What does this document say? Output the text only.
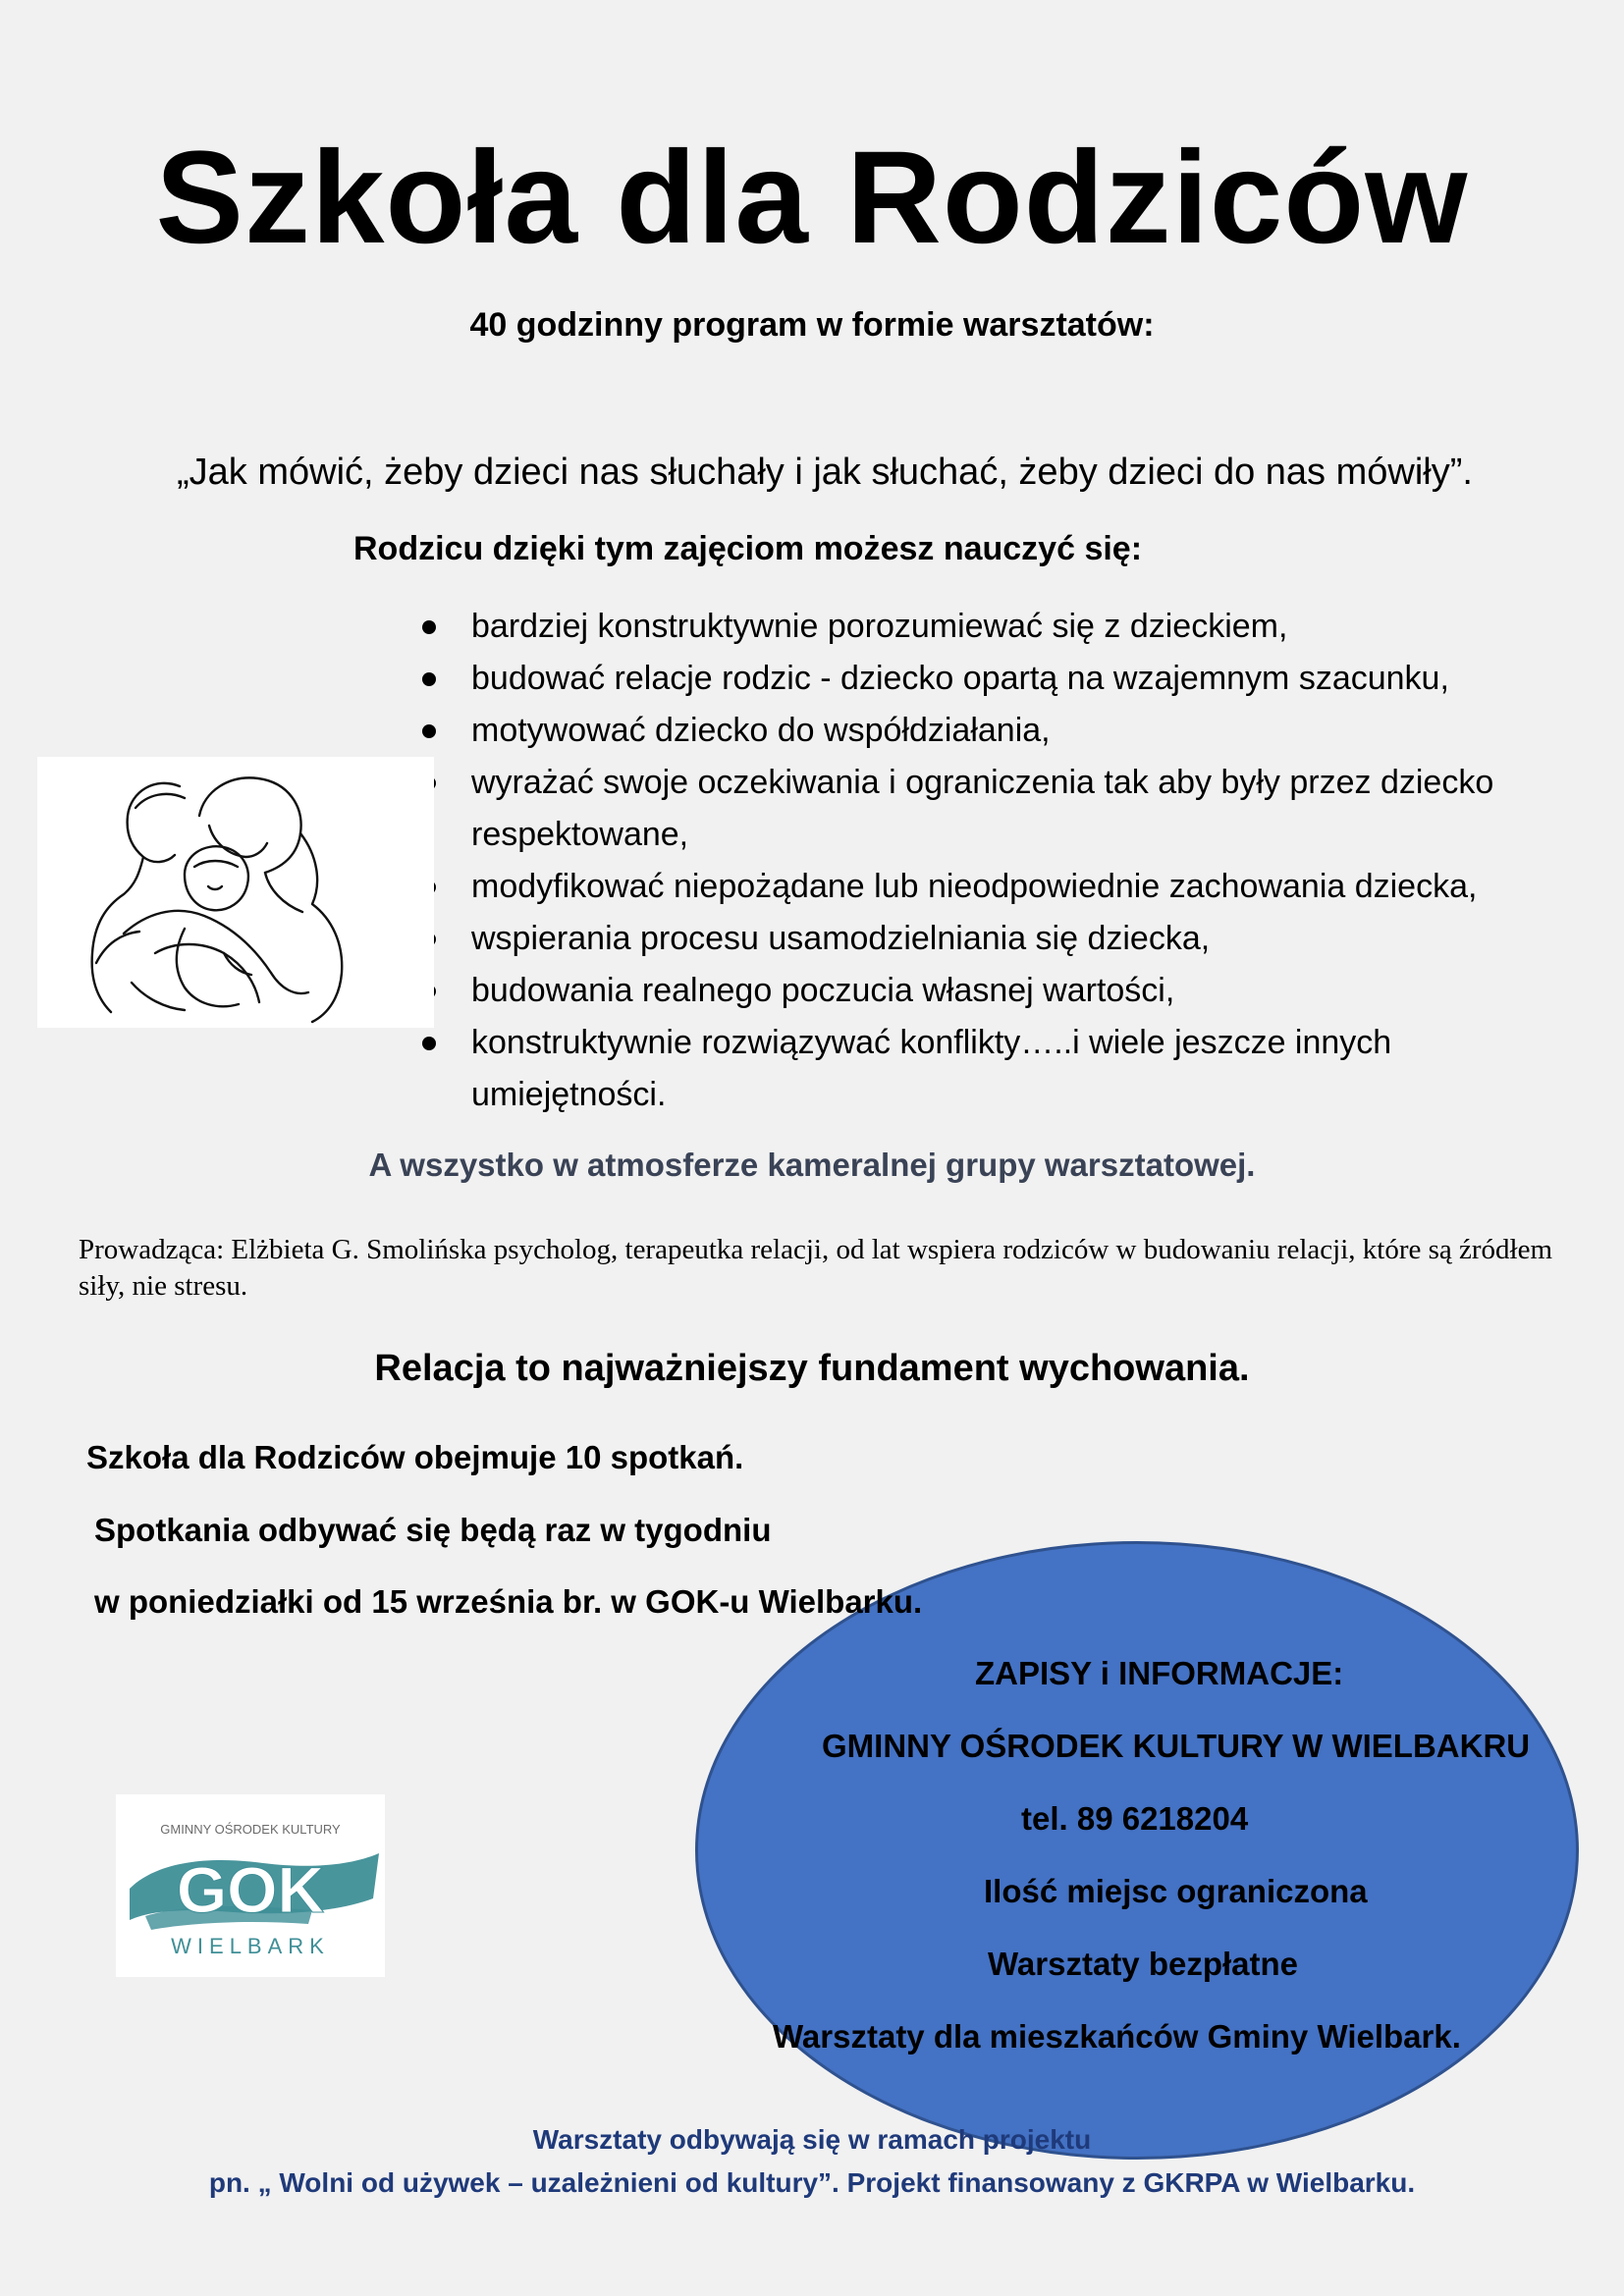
Szkoła dla Rodziców
40 godzinny program w formie warsztatów:
„Jak mówić, żeby dzieci nas słuchały i jak słuchać, żeby dzieci do nas mówiły”.
Rodzicu dzięki tym zajęciom możesz nauczyć się:
bardziej konstruktywnie porozumiewać się z dzieckiem,
budować relacje rodzic - dziecko opartą na wzajemnym szacunku,
motywować dziecko do współdziałania,
wyrażać swoje oczekiwania i ograniczenia tak aby były przez dziecko respektowane,
modyfikować niepożądane lub nieodpowiednie zachowania dziecka,
wspierania procesu usamodzielniania się dziecka,
budowania realnego poczucia własnej wartości,
konstruktywnie rozwiązywać konflikty…..i wiele jeszcze innych umiejętności.
A wszystko w atmosferze kameralnej grupy warsztatowej.
Prowadząca: Elżbieta G. Smolińska psycholog, terapeutka relacji, od lat wspiera rodziców w budowaniu relacji, które są źródłem siły, nie stresu.
Relacja to najważniejszy fundament wychowania.
Szkoła dla Rodziców obejmuje 10 spotkań.
Spotkania odbywać się będą raz w tygodniu
w poniedziałki od 15 września br. w GOK-u Wielbarku.
ZAPISY i INFORMACJE:
GMINNY OŚRODEK KULTURY W WIELBAKRU
tel. 89 6218204
Ilość miejsc ograniczona
Warsztaty bezpłatne
Warsztaty dla mieszkańców Gminy Wielbark.
GMINNY OŚRODEK KULTURY
GOK
WIELBARK
Warsztaty odbywają się w ramach projektu
pn. „ Wolni od używek – uzależnieni od kultury”. Projekt finansowany z GKRPA w Wielbarku.
